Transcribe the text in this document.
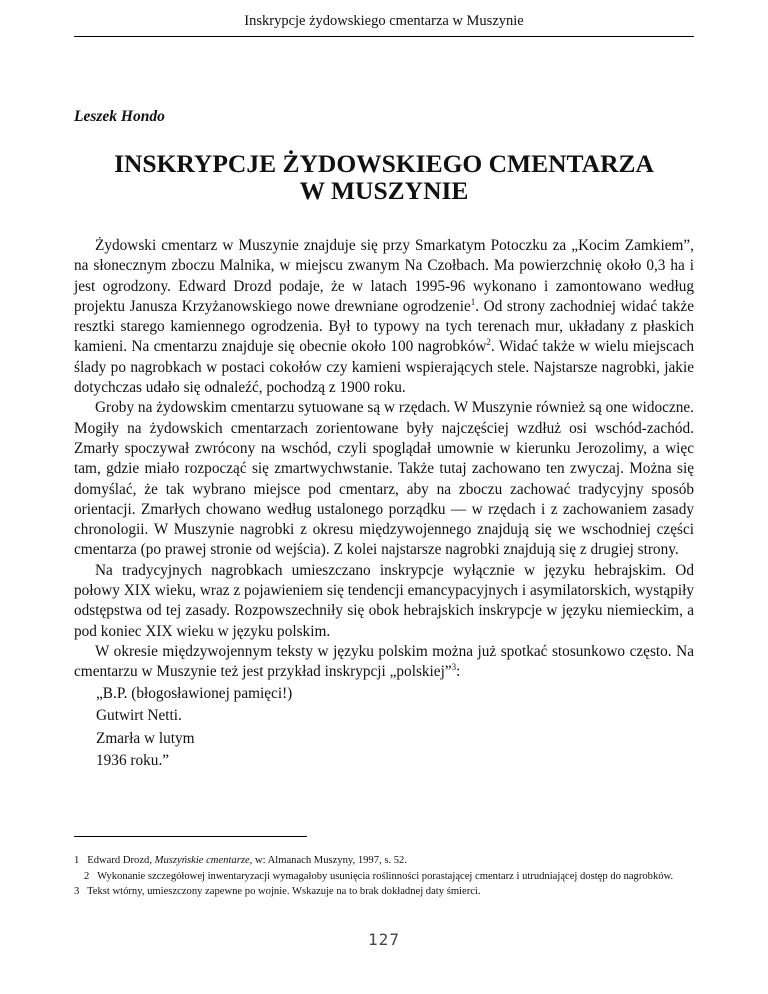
Inskrypcje żydowskiego cmentarza w Muszynie
Leszek Hondo
INSKRYPCJE ŻYDOWSKIEGO CMENTARZA
W MUSZYNIE

Żydowski cmentarz w Muszynie znajduje się przy Smarkatym Potoczku za „Kocim Zamkiem”, na słonecznym zboczu Malnika, w miejscu zwanym Na Czołbach. Ma powierzchnię około 0,3 ha i jest ogrodzony. Edward Drozd podaje, że w latach 1995-96 wykonano i zamontowano według projektu Janusza Krzyżanowskiego nowe drewniane ogrodzenie$^1$. Od strony zachodniej widać także resztki starego kamiennego ogrodzenia. Był to typowy na tych terenach mur, układany z płaskich kamieni. Na cmentarzu znajduje się obecnie około 100 nagrobków$^2$. Widać także w wielu miejscach ślady po nagrobkach w postaci cokołów czy kamieni wspierających stele. Najstarsze nagrobki, jakie dotychczas udało się odnaleźć, pochodzą z 1900 roku.

Groby na żydowskim cmentarzu sytuowane są w rzędach. W Muszynie również są one widoczne. Mogiły na żydowskich cmentarzach zorientowane były najczęściej wzdłuż osi wschód-zachód. Zmarły spoczywał zwrócony na wschód, czyli spoglądał umownie w kierunku Jerozolimy, a więc tam, gdzie miało rozpocząć się zmartwychwstanie. Także tutaj zachowano ten zwyczaj. Można się domyślać, że tak wybrano miejsce pod cmentarz, aby na zboczu zachować tradycyjny sposób orientacji. Zmarłych chowano według ustalonego porządku — w rzędach i z zachowaniem zasady chronologii. W Muszynie nagrobki z okresu międzywojennego znajdują się we wschodniej części cmentarza (po prawej stronie od wejścia). Z kolei najstarsze nagrobki znajdują się z drugiej strony.

Na tradycyjnych nagrobkach umieszczano inskrypcje wyłącznie w języku hebrajskim. Od połowy XIX wieku, wraz z pojawieniem się tendencji emancypacyjnych i asymilatorskich, wystąpiły odstępstwa od tej zasady. Rozpowszechniły się obok hebrajskich inskrypcje w języku niemieckim, a pod koniec XIX wieku w języku polskim.

W okresie międzywojennym teksty w języku polskim można już spotkać stosunkowo często. Na cmentarzu w Muszynie też jest przykład inskrypcji „polskiej”$^3$:

„B.P. (błogosławionej pamięci!)
Gutwirt Netti.
Zmarła w lutym
1936 roku.”

1 Edward Drozd, Muszyńskie cmentarze, w: Almanach Muszyny, 1997, s. 52.

2 Wykonanie szczegółowej inwentaryzacji wymagałoby usunięcia roślinności porastającej cmentarz i utrudniającej dostęp do nagrobków.

3 Tekst wtórny, umieszczony zapewne po wojnie. Wskazuje na to brak dokładnej daty śmierci.

127
